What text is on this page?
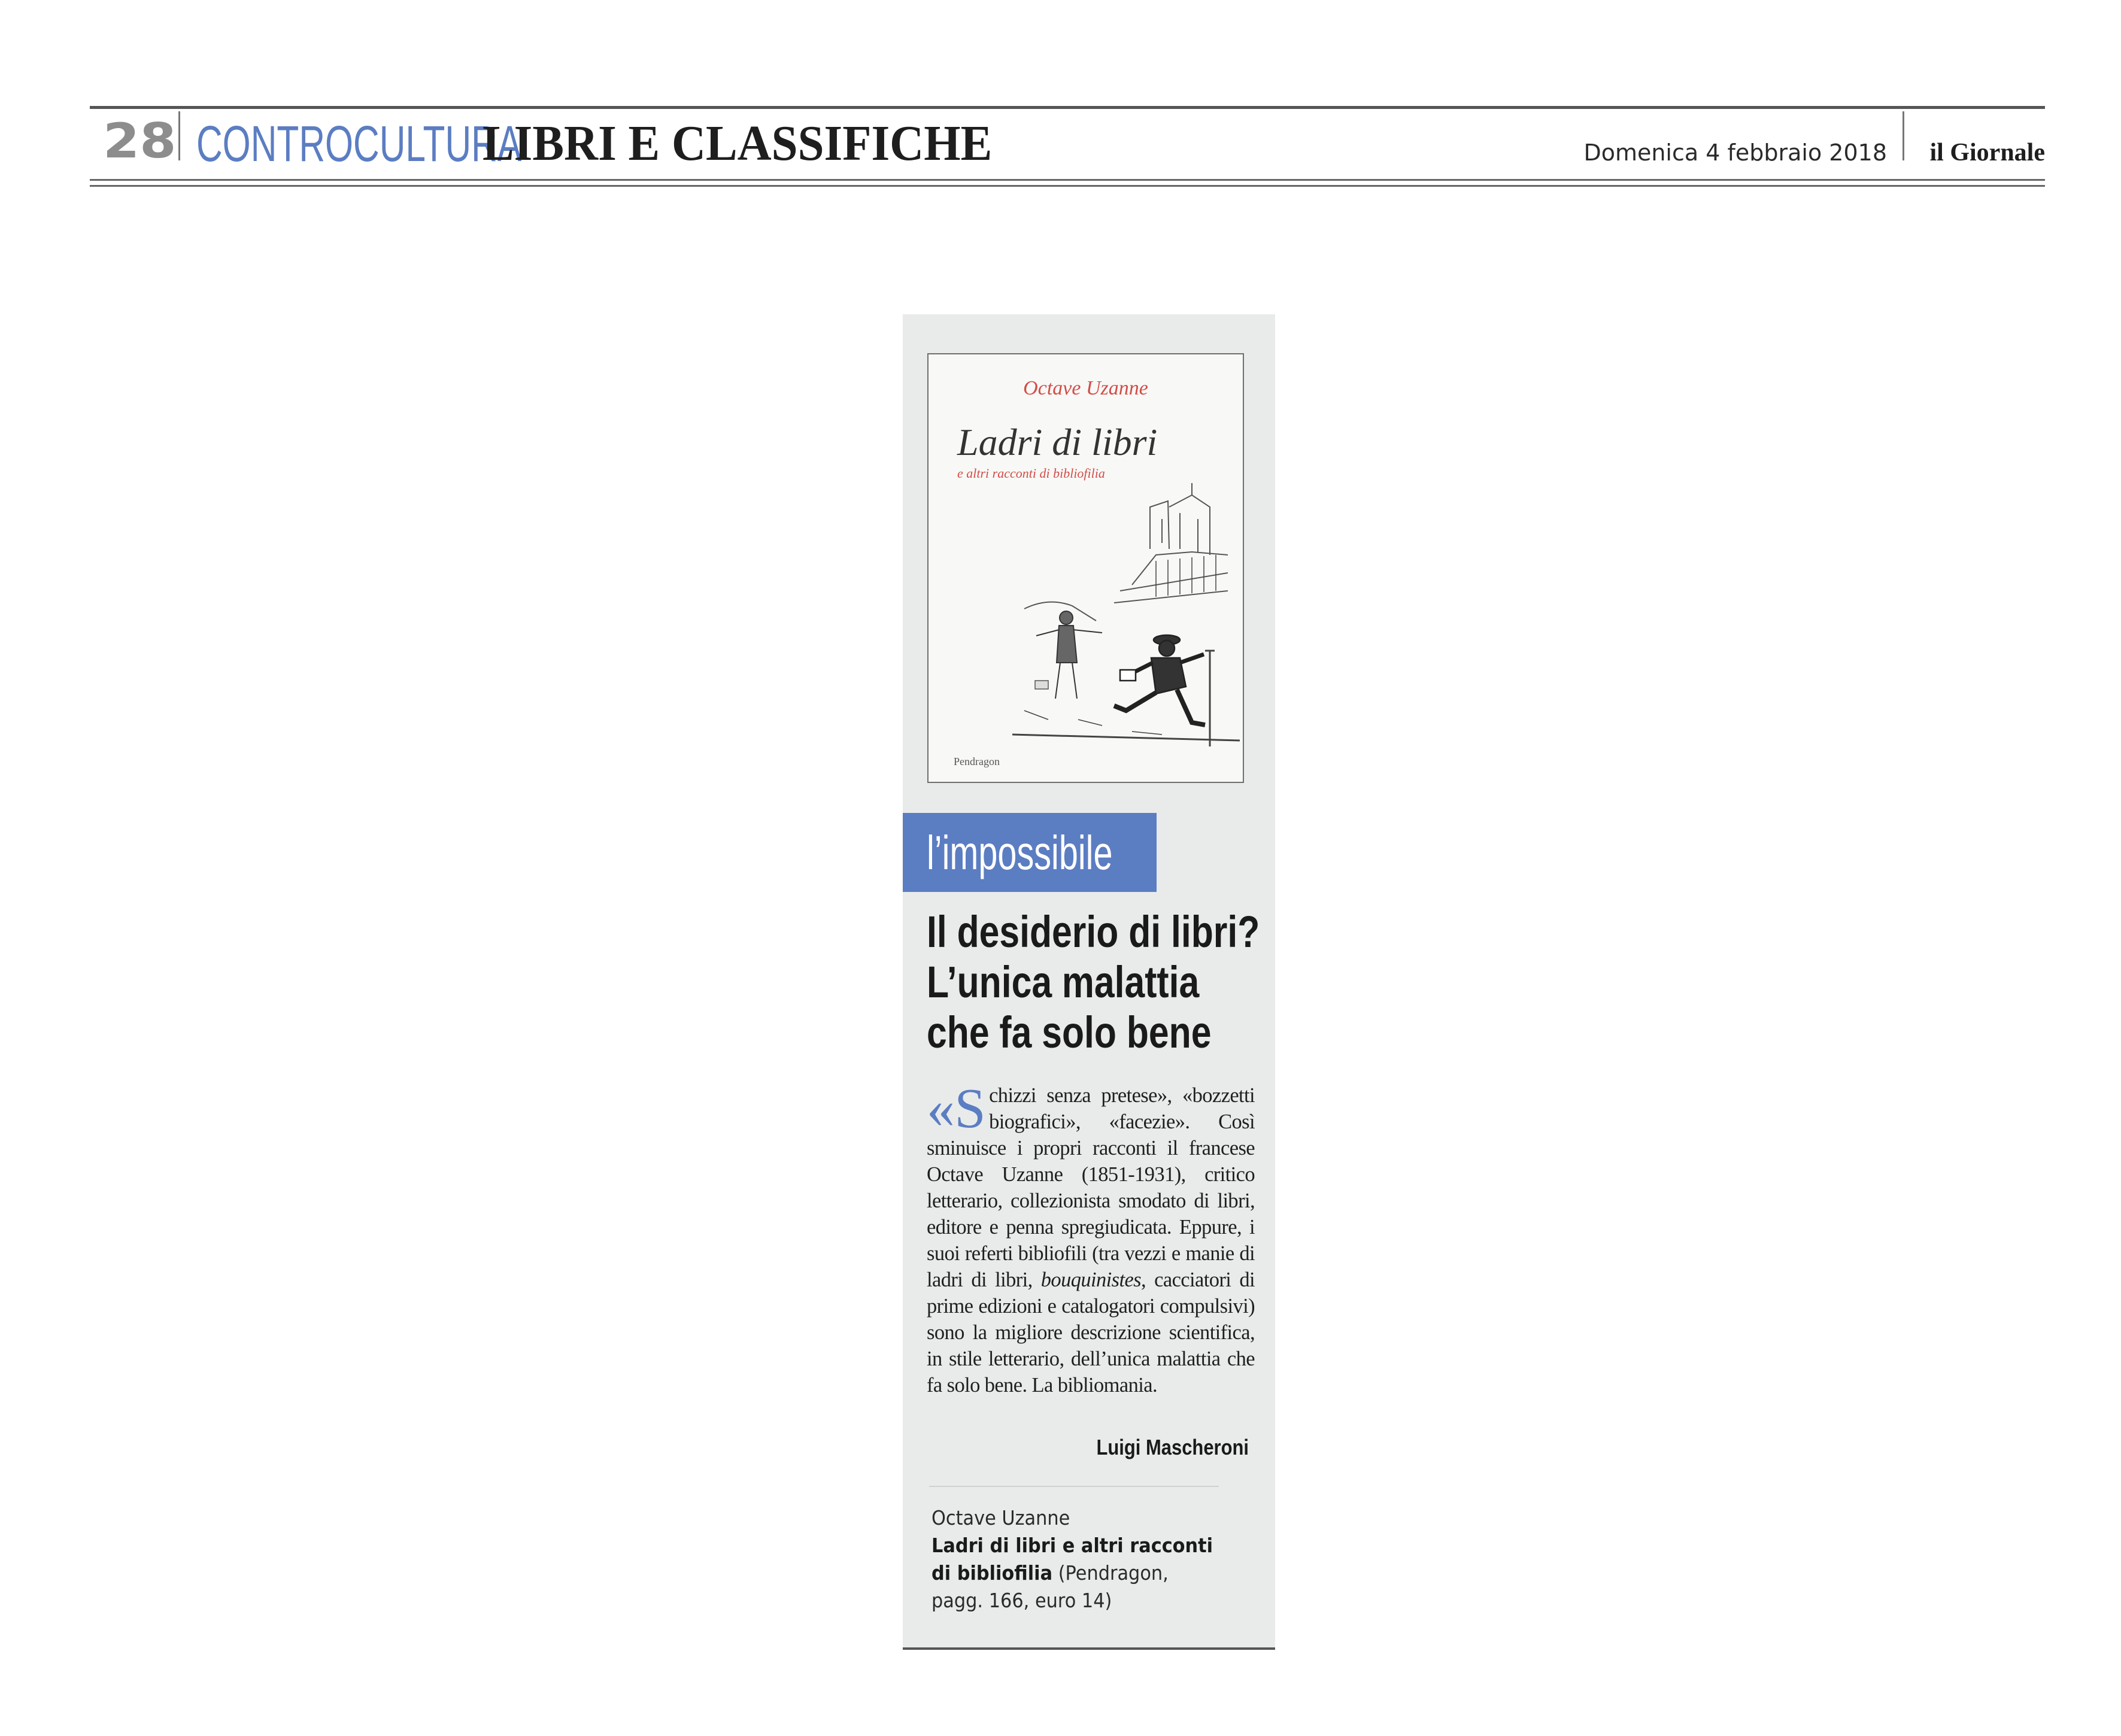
28 CONTROCULTURA
LIBRI E CLASSIFICHE	Domenica 4 febbraio 2018 il Giornale
Octave Uzanne
Ladri di libri
e altri racconti di bibliofilia
Pendragon
l’impossibile
Il desiderio di libri?
L’unica malattia
che fa solo bene
«Schizzi senza pretese», «bozzetti biografici», «facezie». Così sminuisce i propri racconti il francese Octave Uzanne (1851-1931), critico letterario, collezionista smodato di libri, editore e penna spregiudicata. Eppure, i suoi referti bibliofili (tra vezzi e manie di ladri di libri, bouquinistes, cacciatori di prime edizioni e catalogatori compulsivi) sono la migliore descrizione scientifica, in stile letterario, dell’unica malattia che fa solo bene. La bibliomania.
Luigi Mascheroni
Octave Uzanne
Ladri di libri e altri racconti
di bibliofilia (Pendragon,
pagg. 166, euro 14)
